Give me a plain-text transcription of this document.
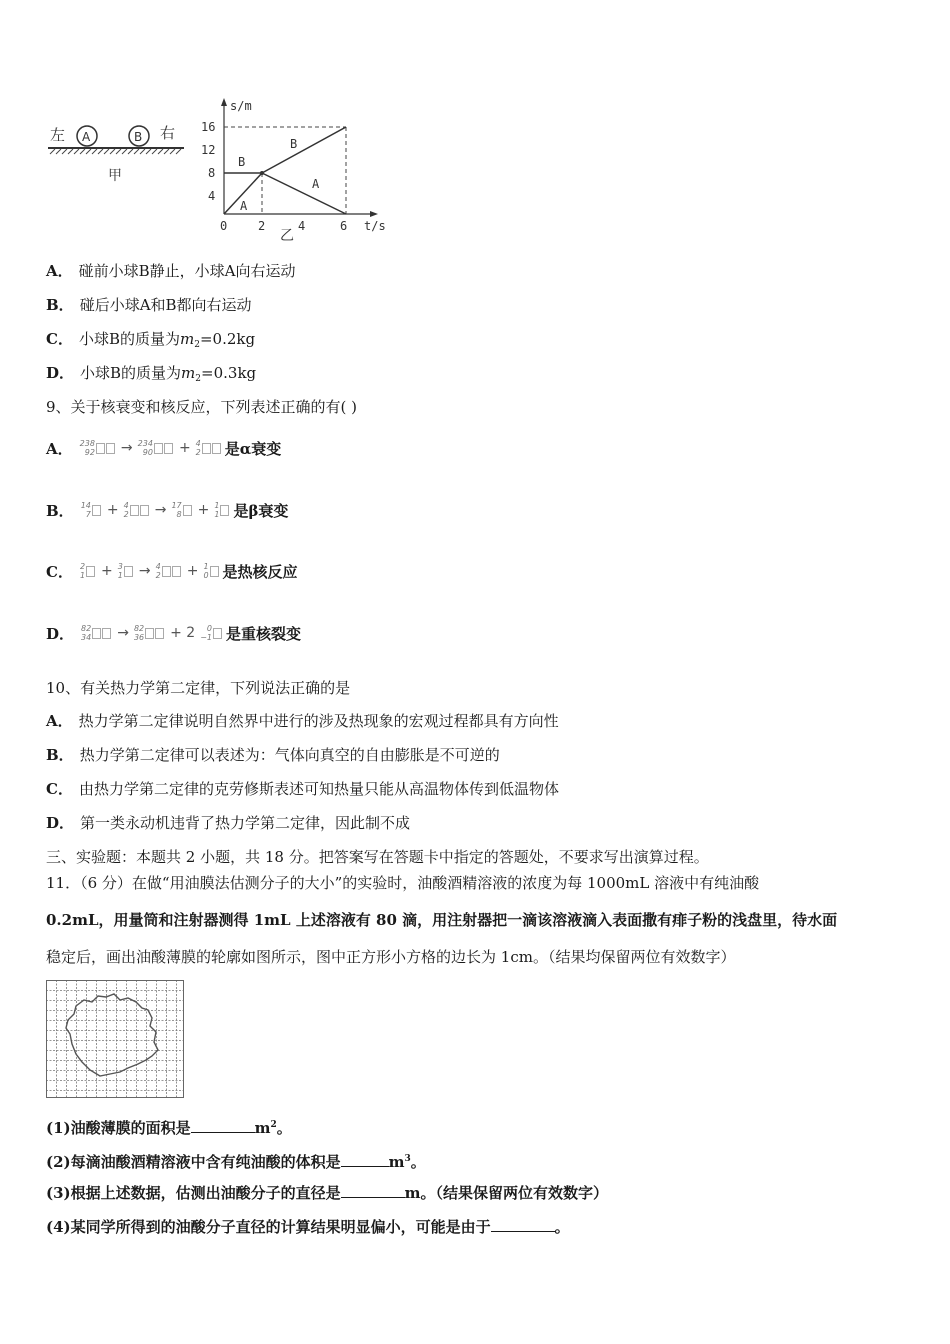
左 A	B 右
甲
s/m
t/s
16
12
8
4
0	2	4	6
B
B
A
A
乙
A． 碰前小球B静止，小球A向右运动
B． 碰后小球A和B都向右运动
C． 小球B的质量为$m_2=0.2kg$
D． 小球B的质量为$m_2=0.3kg$
9、关于核衰变和核反应，下列表述正确的有( )
A． 238
92 → 234
90 + 4
2 是α衰变
B． 14
7 + 4
2 → 17
8 + 1
1 是β衰变
C． 2
1 + 3
1 → 4
2 + 1
0 是热核反应
D． 82
34 → 82
36 + 2	0
−1 是重核裂变
10、有关热力学第二定律，下列说法正确的是
A． 热力学第二定律说明自然界中进行的涉及热现象的宏观过程都具有方向性
B． 热力学第二定律可以表述为：气体向真空的自由膨胀是不可逆的
C． 由热力学第二定律的克劳修斯表述可知热量只能从高温物体传到低温物体
D． 第一类永动机违背了热力学第二定律，因此制不成
三、实验题：本题共 2 小题，共 18 分。把答案写在答题卡中指定的答题处，不要求写出演算过程。
11．（6 分）在做“用油膜法估测分子的大小”的实验时，油酸酒精溶液的浓度为每 1000mL 溶液中有纯油酸
0.2mL，用量筒和注射器测得 1mL 上述溶液有 80 滴，用注射器把一滴该溶液滴入表面撒有痱子粉的浅盘里，待水面
稳定后，画出油酸薄膜的轮廓如图所示，图中正方形小方格的边长为 1cm。（结果均保留两位有效数字）
(1)油酸薄膜的面积是	$m^2$。
(2)每滴油酸酒精溶液中含有纯油酸的体积是	$m^3$。
(3)根据上述数据，估测出油酸分子的直径是	m。（结果保留两位有效数字）
(4)某同学所得到的油酸分子直径的计算结果明显偏小，可能是由于	。
